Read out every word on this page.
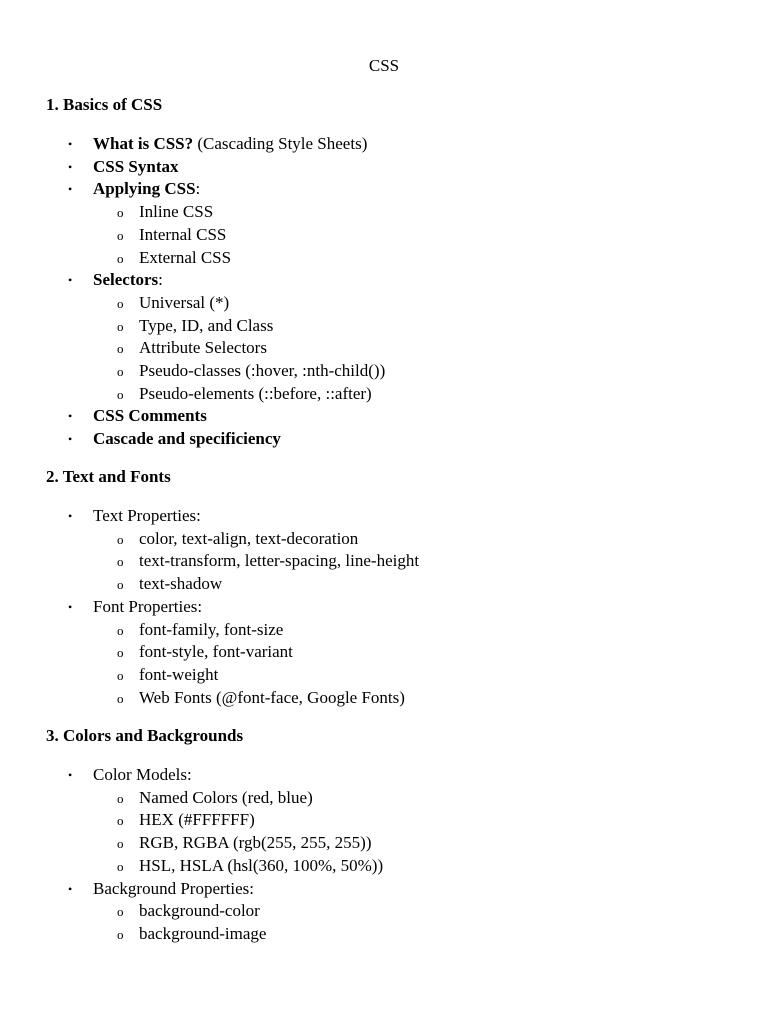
CSS
1. Basics of CSS
•	What is CSS? (Cascading Style Sheets)
•	CSS Syntax
•	Applying CSS:
o Inline CSS
o Internal CSS
o External CSS
•	Selectors:
o Universal (*)
o Type, ID, and Class
o Attribute Selectors
o Pseudo-classes (:hover, :nth-child())
o Pseudo-elements (::before, ::after)
•	CSS Comments
•	Cascade and specificiency
2. Text and Fonts
•	Text Properties:
o color, text-align, text-decoration
o text-transform, letter-spacing, line-height
o text-shadow
•	Font Properties:
o font-family, font-size
o font-style, font-variant
o font-weight
o Web Fonts (@font-face, Google Fonts)
3. Colors and Backgrounds
•	Color Models:
o Named Colors (red, blue)
o HEX (#FFFFFF)
o RGB, RGBA (rgb(255, 255, 255))
o HSL, HSLA (hsl(360, 100%, 50%))
•	Background Properties:
o background-color
o background-image
